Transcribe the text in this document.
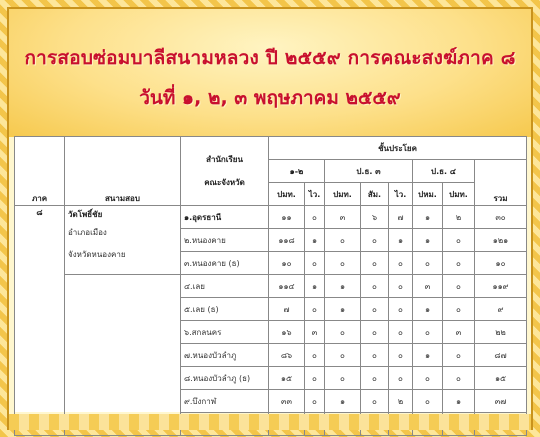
การสอบซ่อมบาลีสนามหลวง ปี ๒๕๕๙ การคณะสงฆ์ภาค ๘
วันที่ ๑, ๒, ๓ พฤษภาคม ๒๕๕๙
ภาค	สนามสอบ	สำนักเรียน
คณะจังหวัด	ชั้นประโยค							
			๑-๒		ป.ธ. ๓			ป.ธ. ๔		รวม
			ปมท.	ไว.	ปมท.	สัม.	ไว.	ปหม.	ปมท.	
๘	วัดโพธิ์ชัย
อำเภอเมือง
จังหวัดหนองคาย	๑.อุดรธานี	๑๑	๐	๓	๖	๗	๑	๒	๓๐
		๒.หนองคาย	๑๑๘	๑	๐	๐	๑	๑	๐	๑๒๑
		๓.หนองคาย (ธ)	๑๐	๐	๐	๐	๐	๐	๐	๑๐
		๔.เลย	๑๑๔	๑	๑	๐	๐	๓	๐	๑๑๙
		๕.เลย (ธ)	๗	๐	๑	๐	๐	๑	๐	๙
		๖.สกลนคร	๑๖	๓	๐	๐	๐	๐	๓	๒๒
		๗.หนองบัวลำภู	๘๖	๐	๐	๐	๐	๑	๐	๘๗
		๘.หนองบัวลำภู (ธ)	๑๕	๐	๐	๐	๐	๐	๐	๑๕
		๙.บึงกาฬ	๓๓	๐	๑	๐	๒	๐	๑	๓๗
